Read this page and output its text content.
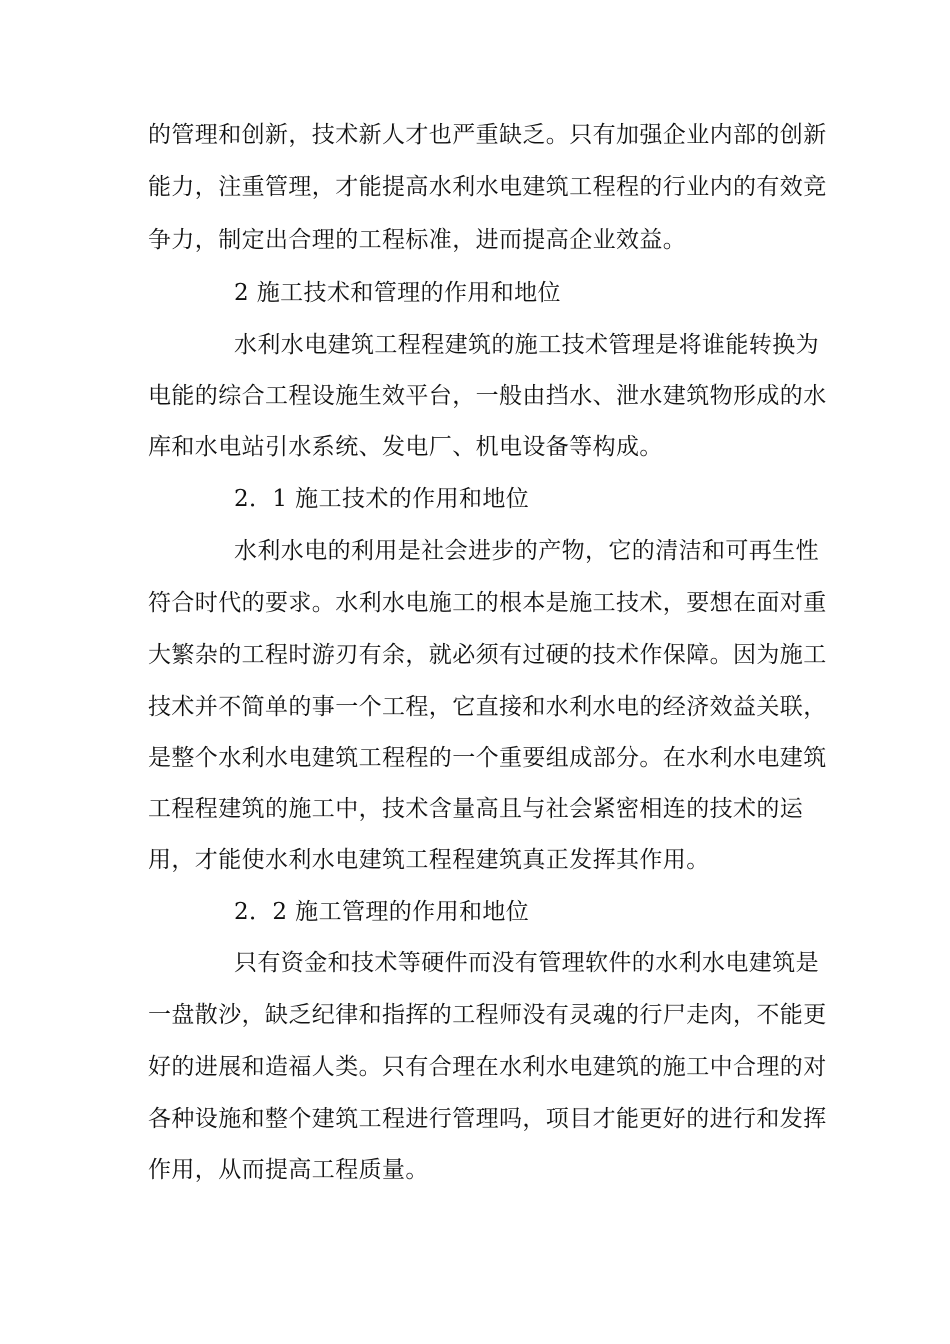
的管理和创新，技术新人才也严重缺乏。只有加强企业内部的创新
能力，注重管理，才能提高水利水电建筑工程程的行业内的有效竞
争力，制定出合理的工程标准，进而提高企业效益。
2 施工技术和管理的作用和地位
水利水电建筑工程程建筑的施工技术管理是将谁能转换为
电能的综合工程设施生效平台，一般由挡水、泄水建筑物形成的水
库和水电站引水系统、发电厂、机电设备等构成。
2．1 施工技术的作用和地位
水利水电的利用是社会进步的产物，它的清洁和可再生性
符合时代的要求。水利水电施工的根本是施工技术，要想在面对重
大繁杂的工程时游刃有余，就必须有过硬的技术作保障。因为施工
技术并不简单的事一个工程，它直接和水利水电的经济效益关联，
是整个水利水电建筑工程程的一个重要组成部分。在水利水电建筑
工程程建筑的施工中，技术含量高且与社会紧密相连的技术的运
用，才能使水利水电建筑工程程建筑真正发挥其作用。
2．2 施工管理的作用和地位
只有资金和技术等硬件而没有管理软件的水利水电建筑是
一盘散沙，缺乏纪律和指挥的工程师没有灵魂的行尸走肉，不能更
好的进展和造福人类。只有合理在水利水电建筑的施工中合理的对
各种设施和整个建筑工程进行管理吗，项目才能更好的进行和发挥
作用，从而提高工程质量。
